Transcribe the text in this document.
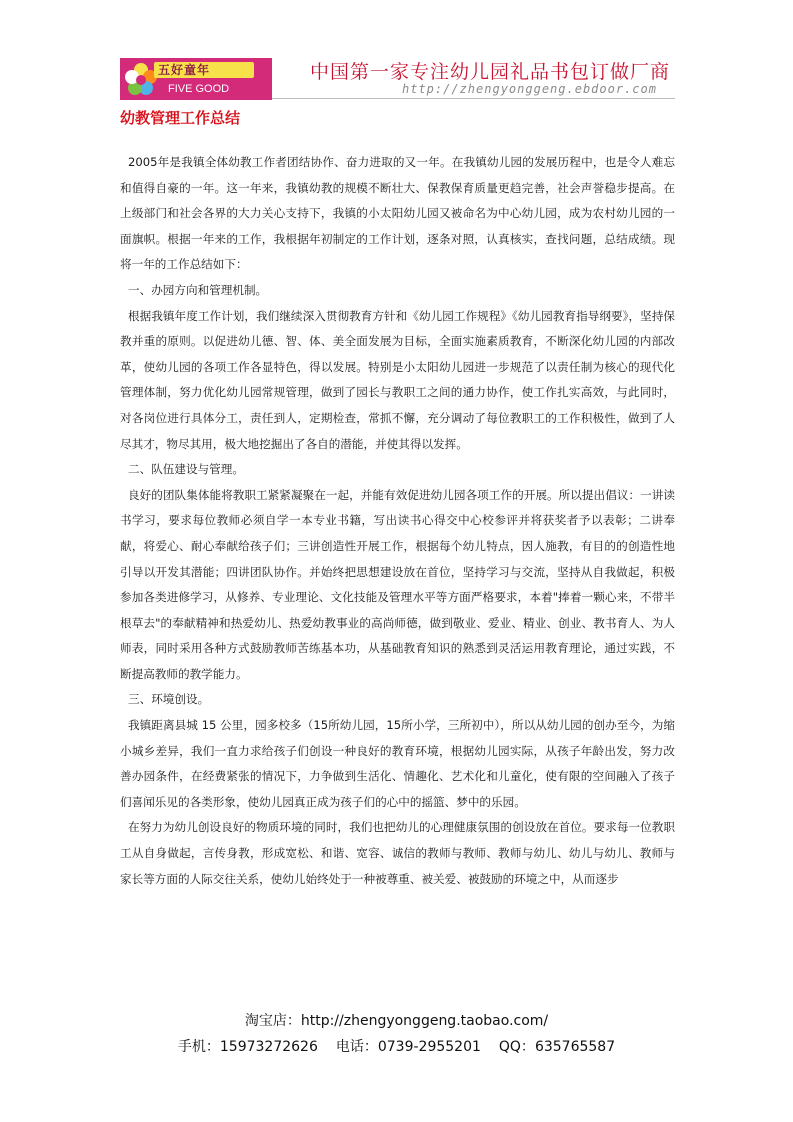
五好童年
FIVE GOOD
中国第一家专注幼儿园礼品书包订做厂商
http://zhengyonggeng.ebdoor.com
幼教管理工作总结

2005年是我镇全体幼教工作者团结协作、奋力进取的又一年。在我镇幼儿园的发展历程中，也是令人难忘和值得自豪的一年。这一年来，我镇幼教的规模不断壮大、保教保育质量更趋完善，社会声誉稳步提高。在上级部门和社会各界的大力关心支持下，我镇的小太阳幼儿园又被命名为中心幼儿园，成为农村幼儿园的一面旗帜。根据一年来的工作，我根据年初制定的工作计划，逐条对照，认真核实，查找问题，总结成绩。现将一年的工作总结如下：

一、办园方向和管理机制。

根据我镇年度工作计划，我们继续深入贯彻教育方针和《幼儿园工作规程》《幼儿园教育指导纲要》，坚持保教并重的原则。以促进幼儿德、智、体、美全面发展为目标，全面实施素质教育，不断深化幼儿园的内部改革，使幼儿园的各项工作各显特色，得以发展。特别是小太阳幼儿园进一步规范了以责任制为核心的现代化管理体制，努力优化幼儿园常规管理，做到了园长与教职工之间的通力协作，使工作扎实高效，与此同时，对各岗位进行具体分工，责任到人，定期检查，常抓不懈，充分调动了每位教职工的工作积极性，做到了人尽其才，物尽其用，极大地挖掘出了各自的潜能，并使其得以发挥。

二、队伍建设与管理。

良好的团队集体能将教职工紧紧凝聚在一起，并能有效促进幼儿园各项工作的开展。所以提出倡议：一讲读书学习，要求每位教师必须自学一本专业书籍，写出读书心得交中心校参评并将获奖者予以表彰；二讲奉献，将爱心、耐心奉献给孩子们；三讲创造性开展工作，根据每个幼儿特点，因人施教，有目的的创造性地引导以开发其潜能；四讲团队协作。并始终把思想建设放在首位，坚持学习与交流，坚持从自我做起，积极参加各类进修学习，从修养、专业理论、文化技能及管理水平等方面严格要求，本着"捧着一颗心来，不带半根草去"的奉献精神和热爱幼儿、热爱幼教事业的高尚师德，做到敬业、爱业、精业、创业、教书育人、为人师表，同时采用各种方式鼓励教师苦练基本功，从基础教育知识的熟悉到灵活运用教育理论，通过实践，不断提高教师的教学能力。

三、环境创设。

我镇距离县城 15 公里，园多校多（15所幼儿园，15所小学，三所初中），所以从幼儿园的创办至今，为缩小城乡差异，我们一直力求给孩子们创设一种良好的教育环境，根据幼儿园实际，从孩子年龄出发，努力改善办园条件，在经费紧张的情况下，力争做到生活化、情趣化、艺术化和儿童化，使有限的空间融入了孩子们喜闻乐见的各类形象，使幼儿园真正成为孩子们的心中的摇篮、梦中的乐园。

在努力为幼儿创设良好的物质环境的同时，我们也把幼儿的心理健康氛围的创设放在首位。要求每一位教职工从自身做起，言传身教，形成宽松、和谐、宽容、诚信的教师与教师、教师与幼儿、幼儿与幼儿、教师与家长等方面的人际交往关系，使幼儿始终处于一种被尊重、被关爱、被鼓励的环境之中，从而逐步

淘宝店：http://zhengyonggeng.taobao.com/
手机：15973272626 电话：0739-2955201 QQ：635765587
